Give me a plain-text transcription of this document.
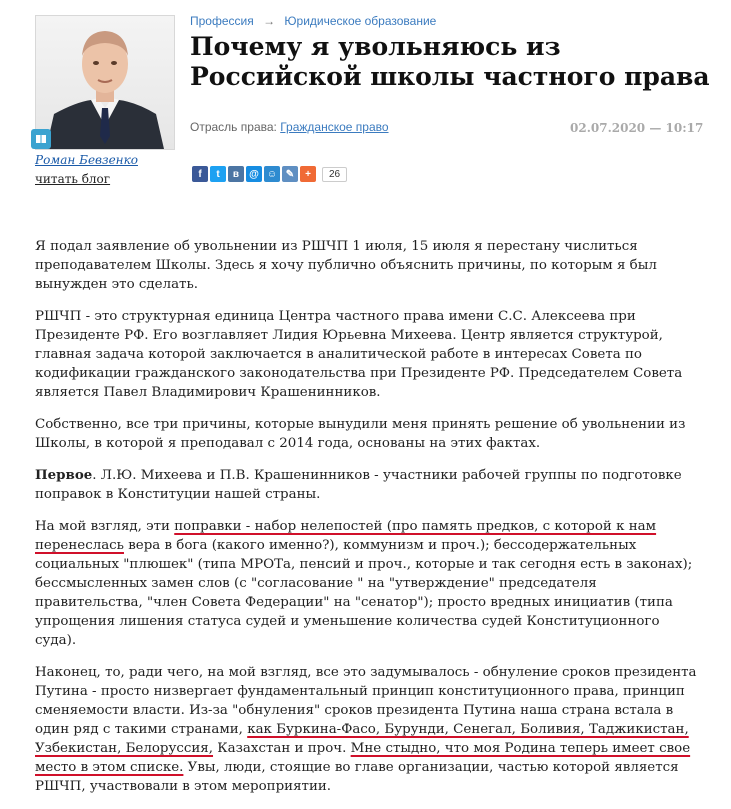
Роман Бевзенко
читать блог
Профессия → Юридическое образование
Почему я увольняюсь из Российской школы частного права
Отрасль права: Гражданское право	02.07.2020 — 10:17
f	t	в	@ ☺ ✎	+	26

Я подал заявление об увольнении из РШЧП 1 июля, 15 июля я перестану числиться преподавателем Школы. Здесь я хочу публично объяснить причины, по которым я был вынужден это сделать.

РШЧП - это структурная единица Центра частного права имени С.С. Алексеева при Президенте РФ. Его возглавляет Лидия Юрьевна Михеева. Центр является структурой, главная задача которой заключается в аналитической работе в интересах Совета по кодификации гражданского законодательства при Президенте РФ. Председателем Совета является Павел Владимирович Крашенинников.

Собственно, все три причины, которые вынудили меня принять решение об увольнении из Школы, в которой я преподавал с 2014 года, основаны на этих фактах.

Первое. Л.Ю. Михеева и П.В. Крашенинников - участники рабочей группы по подготовке поправок в Конституции нашей страны.

На мой взгляд, эти поправки - набор нелепостей (про память предков, с которой к нам перенеслась вера в бога (какого именно?), коммунизм и проч.); бессодержательных социальных "плюшек" (типа МРОТа, пенсий и проч., которые и так сегодня есть в законах); бессмысленных замен слов (с "согласование " на "утверждение" председателя правительства, "член Совета Федерации" на "сенатор"); просто вредных инициатив (типа упрощения лишения статуса судей и уменьшение количества судей Конституционного суда).

Наконец, то, ради чего, на мой взгляд, все это задумывалось - обнуление сроков президента Путина - просто низвергает фундаментальный принцип конституционного права, принцип сменяемости власти. Из-за "обнуления" сроков президента Путина наша страна встала в один ряд с такими странами, как Буркина-Фасо, Бурунди, Сенегал, Боливия, Таджикистан, Узбекистан, Белоруссия, Казахстан и проч. Мне стыдно, что моя Родина теперь имеет свое место в этом списке. Увы, люди, стоящие во главе организации, частью которой является РШЧП, участвовали в этом мероприятии.
